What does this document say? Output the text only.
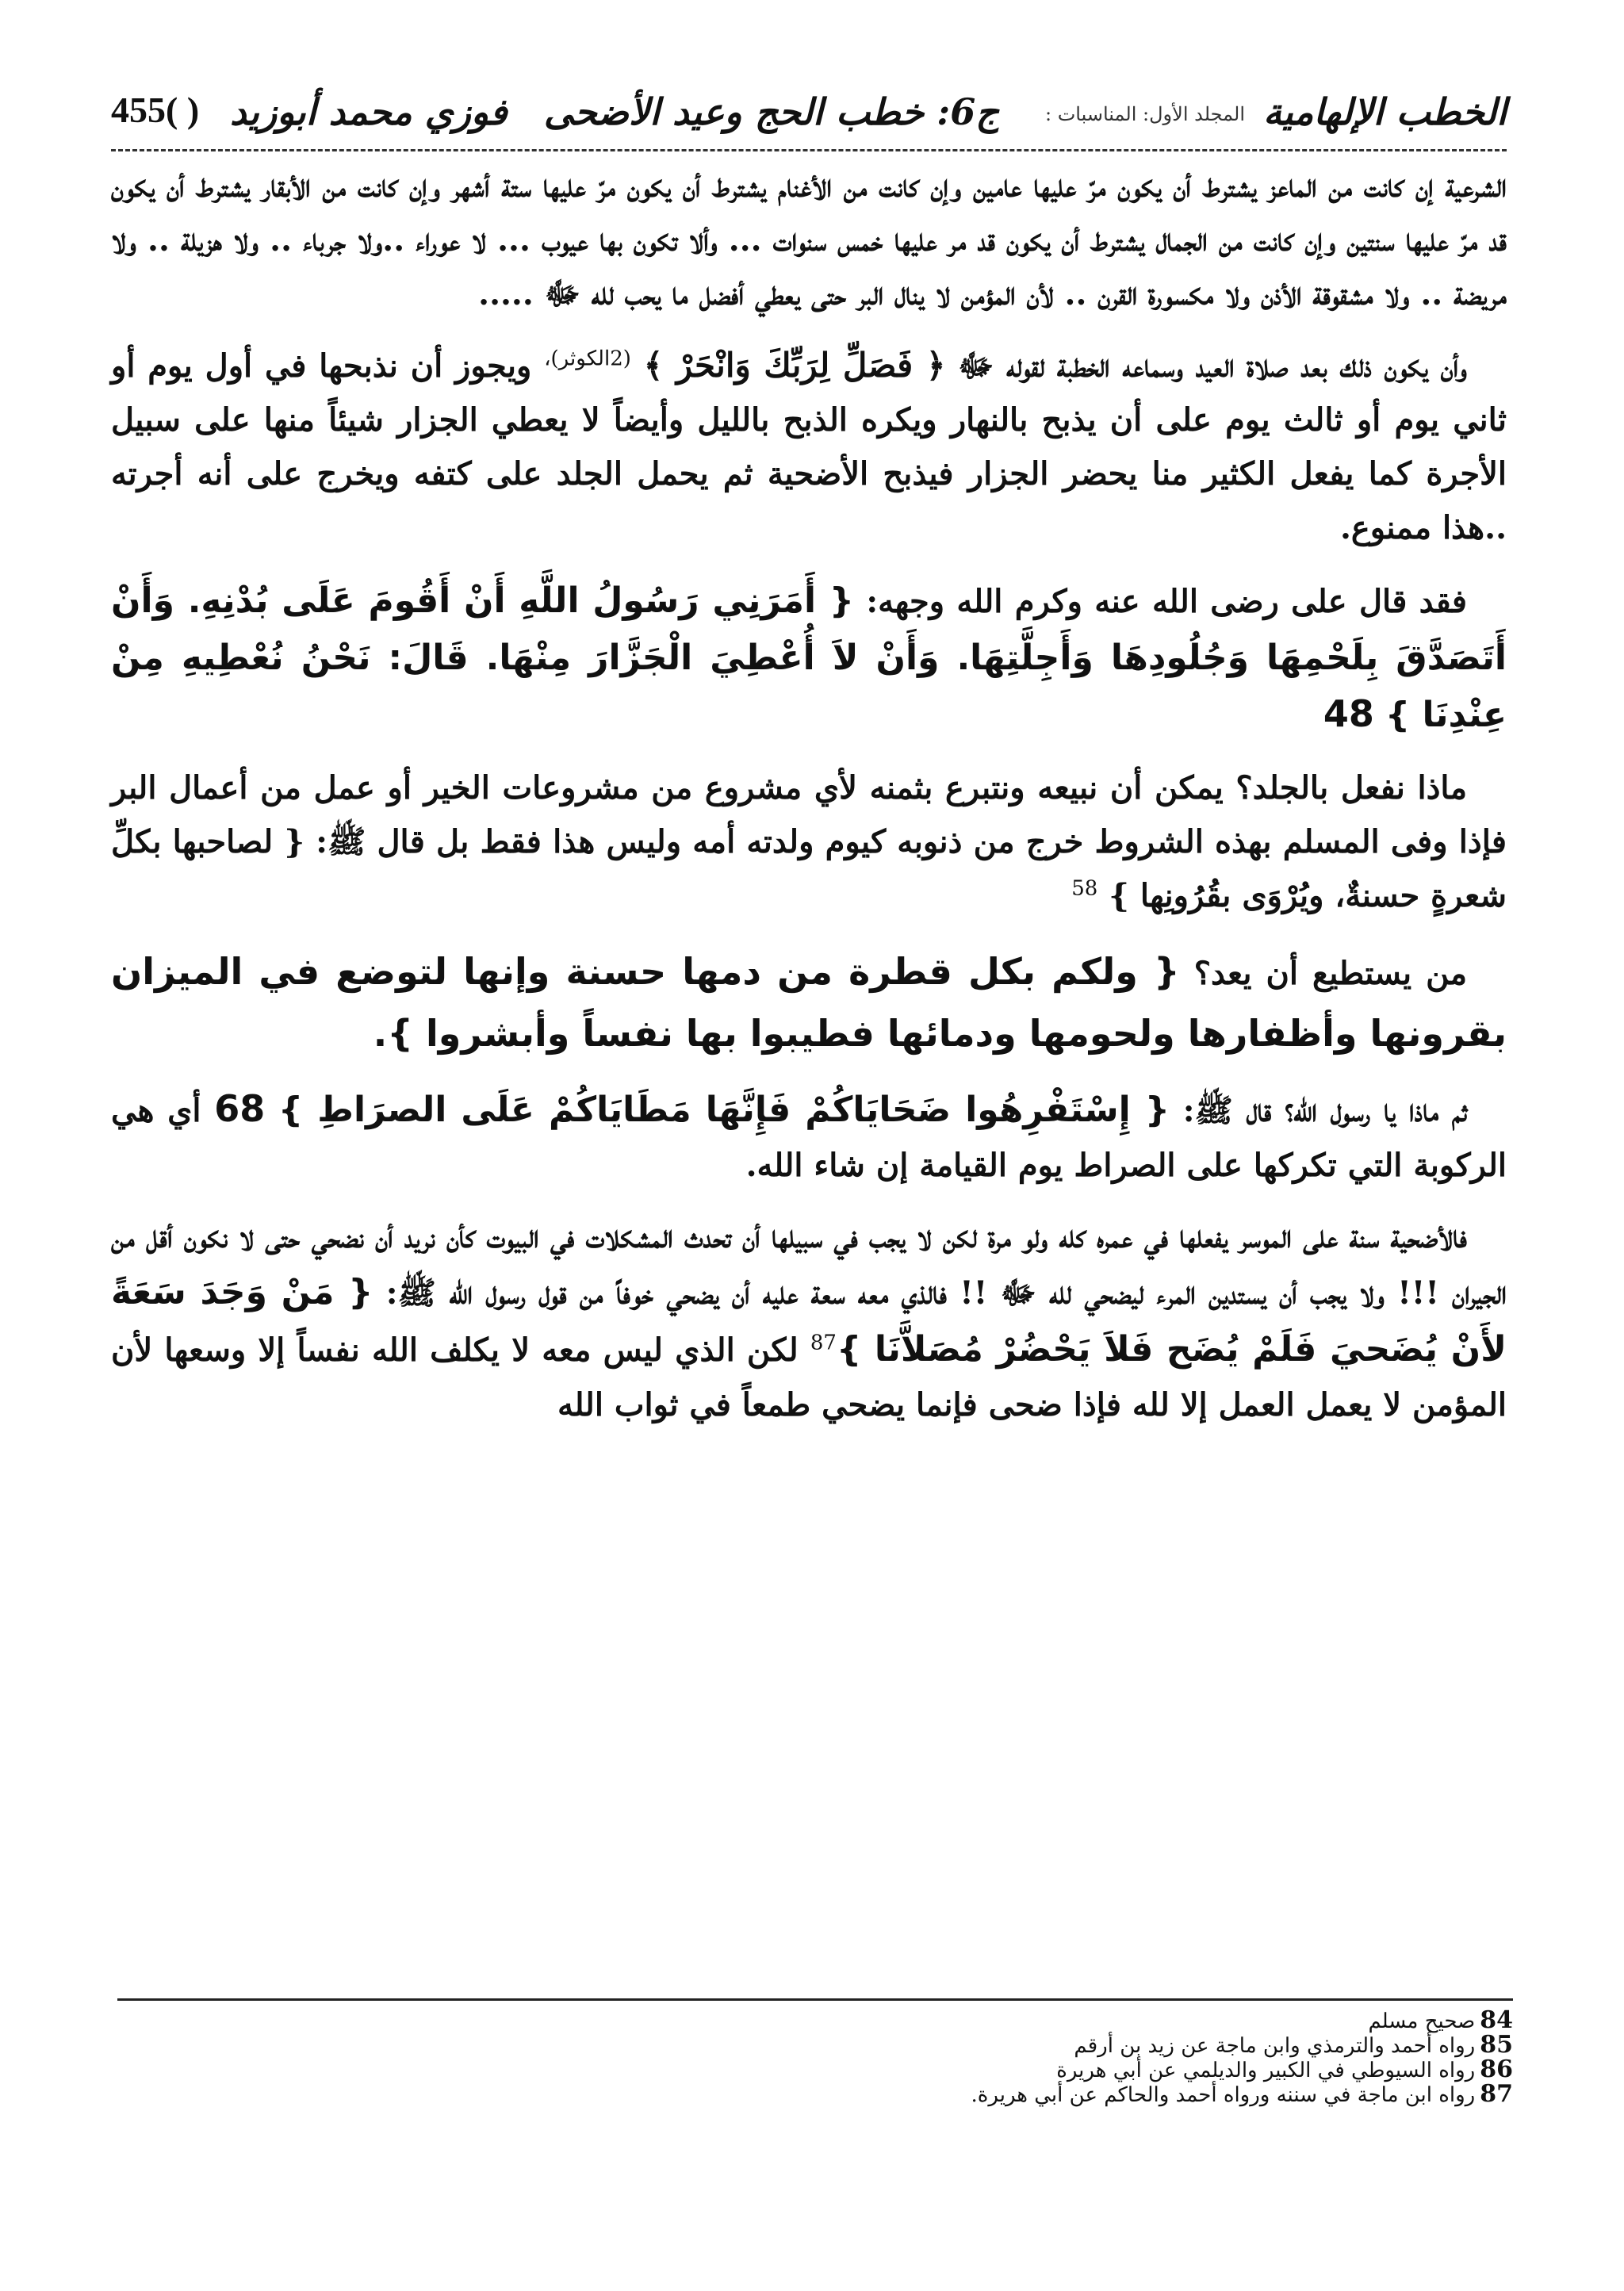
الخطب الإلهامية
المجلد الأول: المناسبات :
ج6: خطب الحج وعيد الأضحى
فوزي محمد أبوزيد
455( )

الشرعية إن كانت من الماعز يشترط أن يكون مرّ عليها عامين وإن كانت من الأغنام يشترط أن يكون مرّ عليها ستة أشهر وإن كانت من الأبقار يشترط أن يكون قد مرّ عليها سنتين وإن كانت من الجمال يشترط أن يكون قد مر عليها خمس سنوات ... وألا تكون بها عيوب ... لا عوراء ..ولا جرباء .. ولا هزيلة .. ولا مريضة .. ولا مشقوقة الأذن ولا مكسورة القرن .. لأن المؤمن لا ينال البر حتى يعطي أفضل ما يحب لله ﷻ .....

وأن يكون ذلك بعد صلاة العيد وسماعه الخطبة لقوله ﷻ ﴿ فَصَلِّ لِرَبِّكَ وَانْحَرْ ﴾ $^{(2الكوثر)،}$ ويجوز أن نذبحها في أول يوم أو ثاني يوم أو ثالث يوم على أن يذبح بالنهار ويكره الذبح بالليل وأيضاً لا يعطي الجزار شيئاً منها على سبيل الأجرة كما يفعل الكثير منا يحضر الجزار فيذبح الأضحية ثم يحمل الجلد على كتفه ويخرج على أنه أجرته ..هذا ممنوع.

فقد قال على رضى الله عنه وكرم الله وجهه: { أَمَرَنِي رَسُولُ اللَّهِ أَنْ أَقُومَ عَلَى بُدْنِهِ. وَأَنْ أَتَصَدَّقَ بِلَحْمِهَا وَجُلُودِهَا وَأَجِلَّتِهَا. وَأَنْ لاَ أُعْطِيَ الْجَزَّارَ مِنْهَا. قَالَ: نَحْنُ نُعْطِيهِ مِنْ عِنْدِنَا } 48

ماذا نفعل بالجلد؟ يمكن أن نبيعه ونتبرع بثمنه لأي مشروع من مشروعات الخير أو عمل من أعمال البر فإذا وفى المسلم بهذه الشروط خرج من ذنوبه كيوم ولدته أمه وليس هذا فقط بل قال ﷺ: { لصاحبها بكلِّ شعرةٍ حسنةٌ، ويُرْوَى بقُرُونِها } $^{58}$

من يستطيع أن يعد؟ { ولكم بكل قطرة من دمها حسنة وإنها لتوضع في الميزان بقرونها وأظفارها ولحومها ودمائها فطيبوا بها نفساً وأبشروا }.

ثم ماذا يا رسول الله؟ قال ﷺ: { إِسْتَفْرِهُوا ضَحَايَاكُمْ فَإِنَّهَا مَطَايَاكُمْ عَلَى الصرَاطِ } 68 أي هي الركوبة التي تكركها على الصراط يوم القيامة إن شاء الله.

فالأضحية سنة على الموسر يفعلها في عمره كله ولو مرة لكن لا يجب في سبيلها أن تحدث المشكلات في البيوت كأن نريد أن نضحي حتى لا نكون أقل من الجيران !!! ولا يجب أن يستدين المرء ليضحي لله ﷻ !! فالذي معه سعة عليه أن يضحي خوفاً من قول رسول الله ﷺ: { مَنْ وَجَدَ سَعَةً لأَنْ يُضَحيَ فَلَمْ يُضَح فَلاَ يَحْضُرْ مُصَلاَّنَا }$^{87}$ لكن الذي ليس معه لا يكلف الله نفساً إلا وسعها لأن المؤمن لا يعمل العمل إلا لله فإذا ضحى فإنما يضحي طمعاً في ثواب الله

84صحيح مسلم
85رواه أحمد والترمذي وابن ماجة عن زيد بن أرقم
86رواه السيوطي في الكبير والديلمي عن أبي هريرة
87رواه ابن ماجة في سننه ورواه أحمد والحاكم عن أبي هريرة.
